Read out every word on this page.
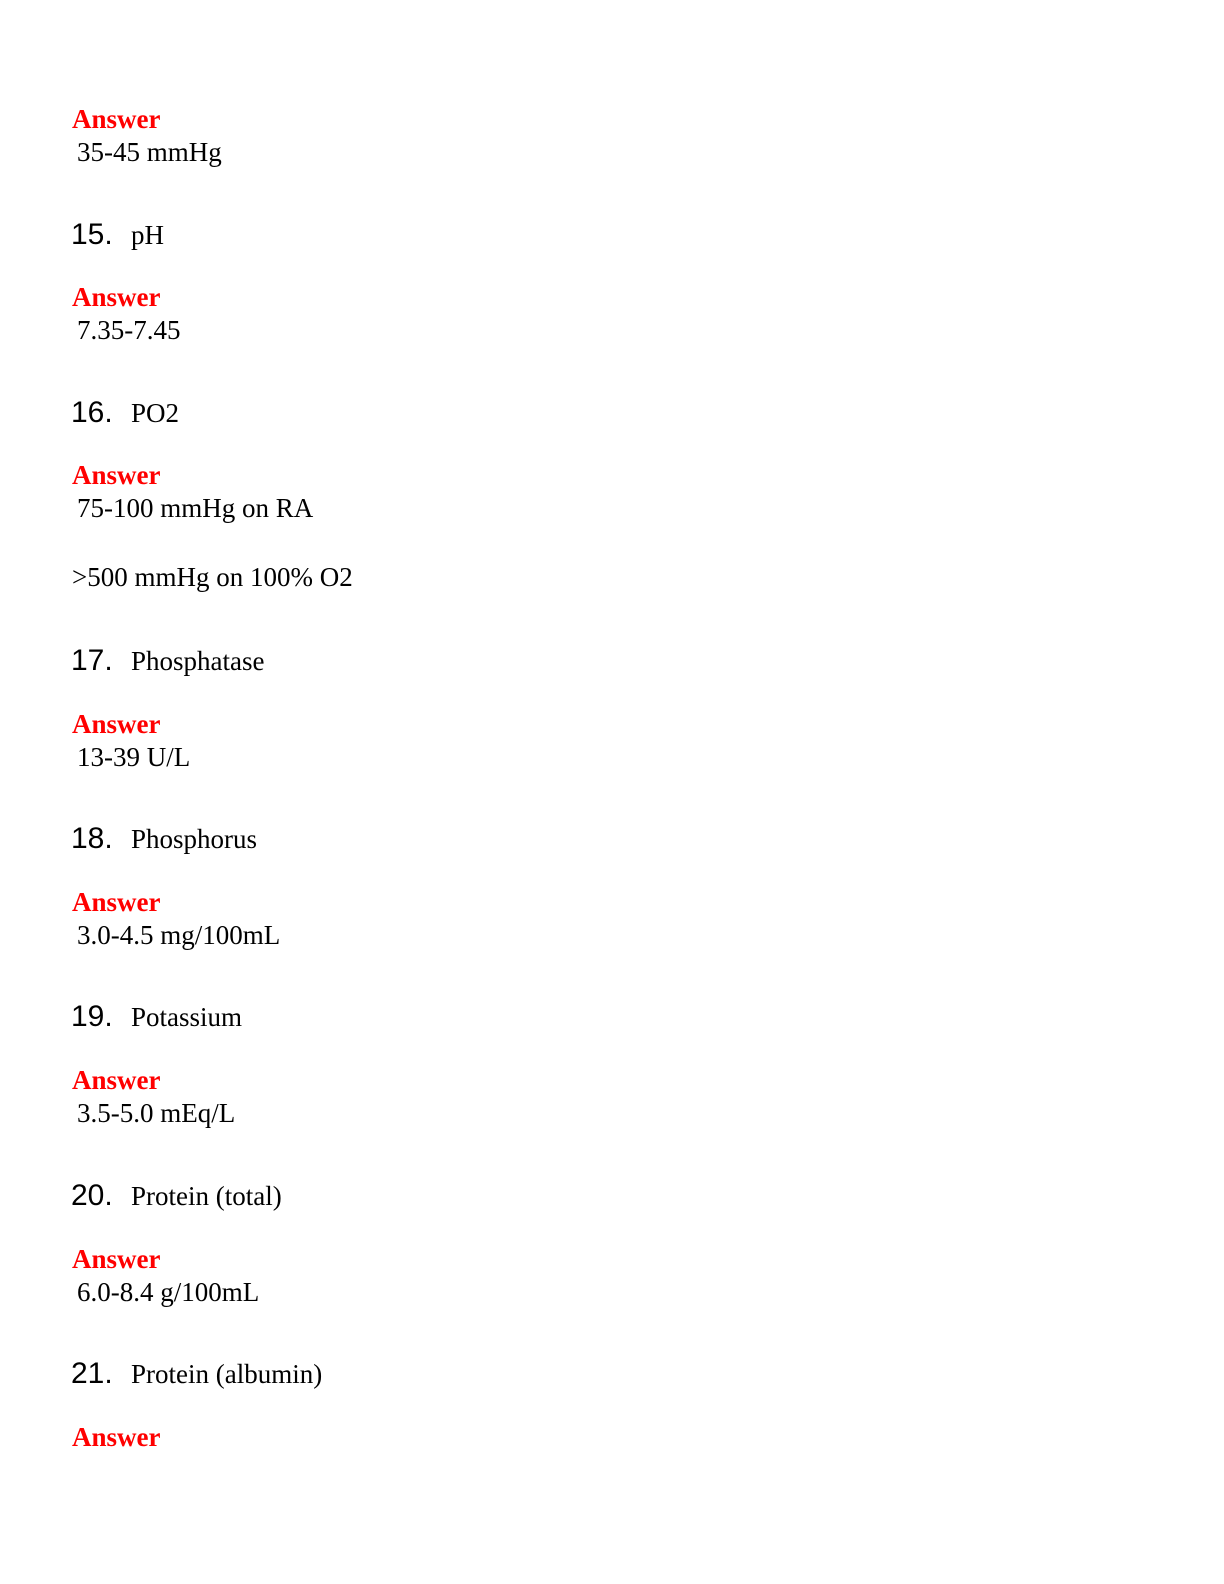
Answer
35-45 mmHg
15. pH
Answer
7.35-7.45
16. PO2
Answer
75-100 mmHg on RA
>500 mmHg on 100% O2
17. Phosphatase
Answer
13-39 U/L
18. Phosphorus
Answer
3.0-4.5 mg/100mL
19. Potassium
Answer
3.5-5.0 mEq/L
20. Protein (total)
Answer
6.0-8.4 g/100mL
21. Protein (albumin)
Answer
